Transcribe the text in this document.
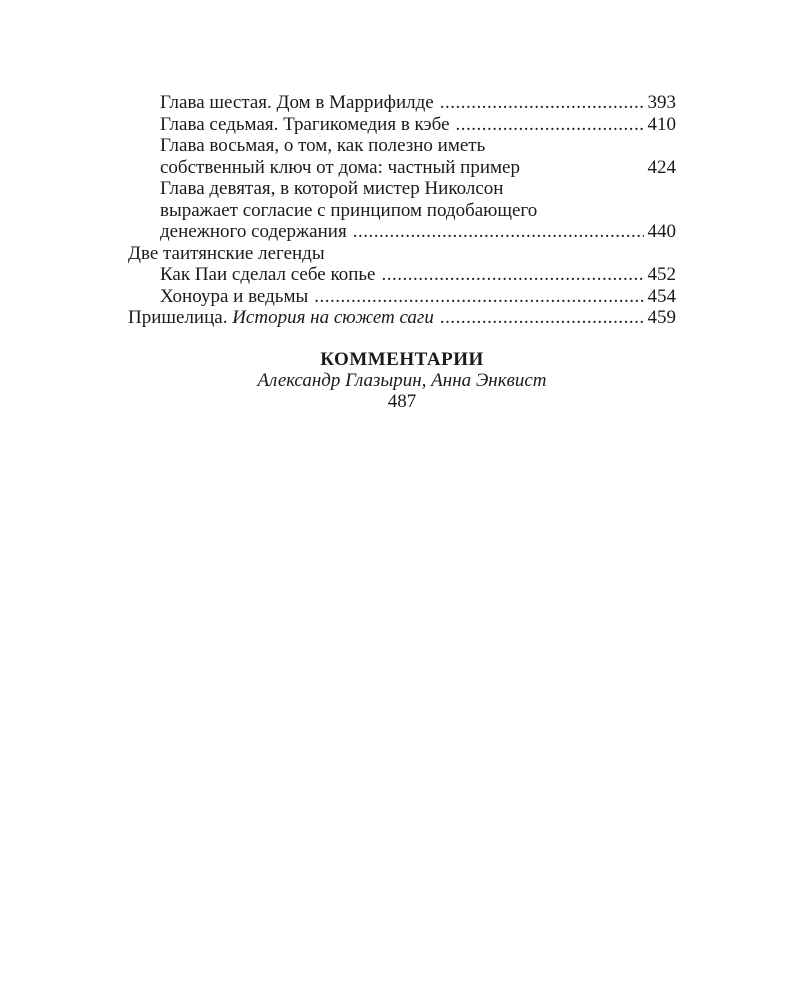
Глава шестая. Дом в Маррифилде .....	393
Глава седьмая. Трагикомедия в кэбе .....	410
Глава восьмая, о том, как полезно иметь
собственный ключ от дома: частный пример	424
Глава девятая, в которой мистер Николсон
выражает согласие с принципом подобающего
денежного содержания .....	440
Две таитянские легенды
Как Паи сделал себе копье .....	452
Хоноура и ведьмы .....	454
Пришелица. История на сюжет саги .....	459
КОММЕНТАРИИ
Александр Глазырин, Анна Энквист
487
